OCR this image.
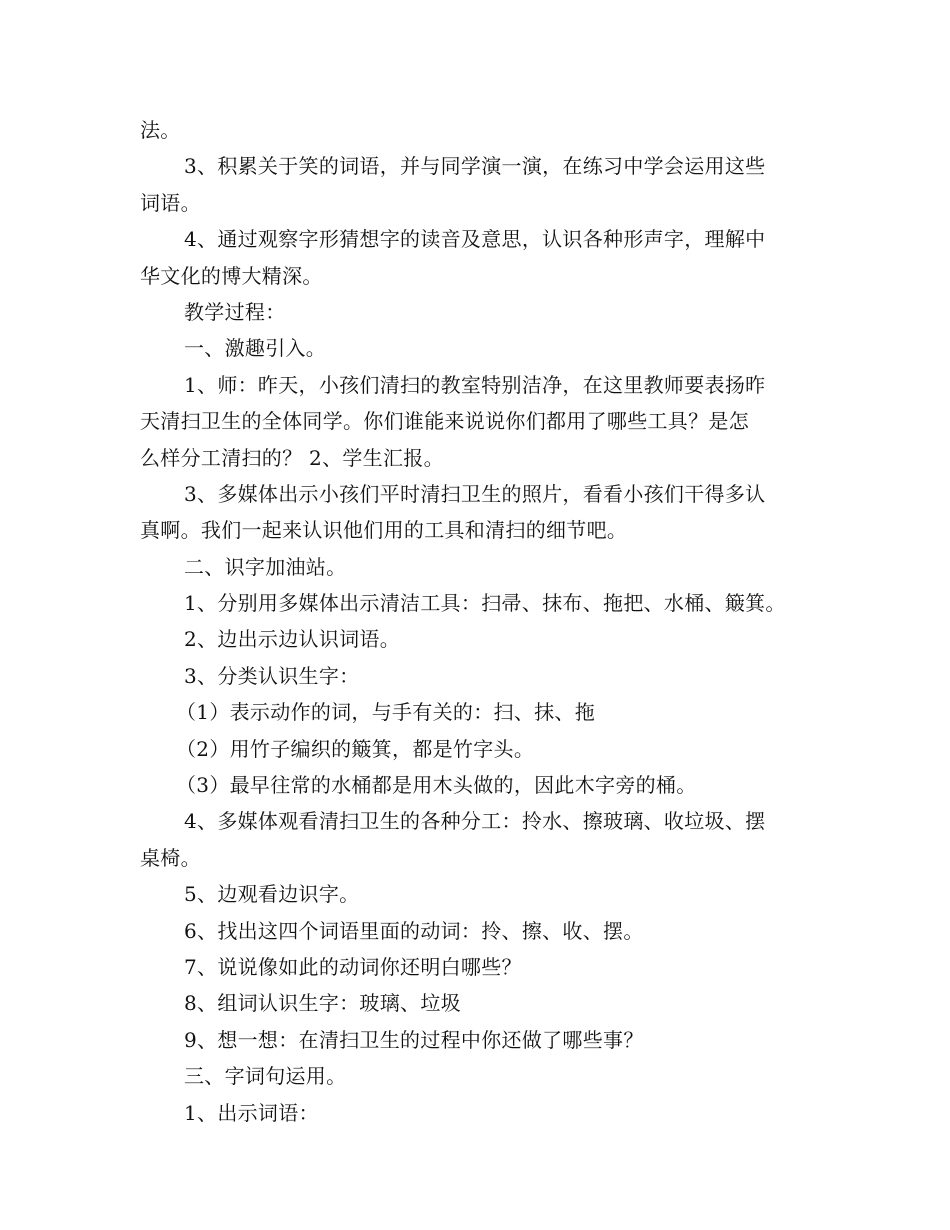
法。
3、积累关于笑的词语，并与同学演一演，在练习中学会运用这些
词语。
4、通过观察字形猜想字的读音及意思，认识各种形声字，理解中
华文化的博大精深。
教学过程：
一、激趣引入。
1、师：昨天，小孩们清扫的教室特别洁净，在这里教师要表扬昨
天清扫卫生的全体同学。你们谁能来说说你们都用了哪些工具？是怎
么样分工清扫的？ 2、学生汇报。
3、多媒体出示小孩们平时清扫卫生的照片，看看小孩们干得多认
真啊。我们一起来认识他们用的工具和清扫的细节吧。
二、识字加油站。
1、分别用多媒体出示清洁工具：扫帚、抹布、拖把、水桶、簸箕。
2、边出示边认识词语。
3、分类认识生字：
（1）表示动作的词，与手有关的：扫、抹、拖
（2）用竹子编织的簸箕，都是竹字头。
（3）最早往常的水桶都是用木头做的，因此木字旁的桶。
4、多媒体观看清扫卫生的各种分工：拎水、擦玻璃、收垃圾、摆
桌椅。
5、边观看边识字。
6、找出这四个词语里面的动词：拎、擦、收、摆。
7、说说像如此的动词你还明白哪些？
8、组词认识生字：玻璃、垃圾
9、想一想：在清扫卫生的过程中你还做了哪些事？
三、字词句运用。
1、出示词语：
